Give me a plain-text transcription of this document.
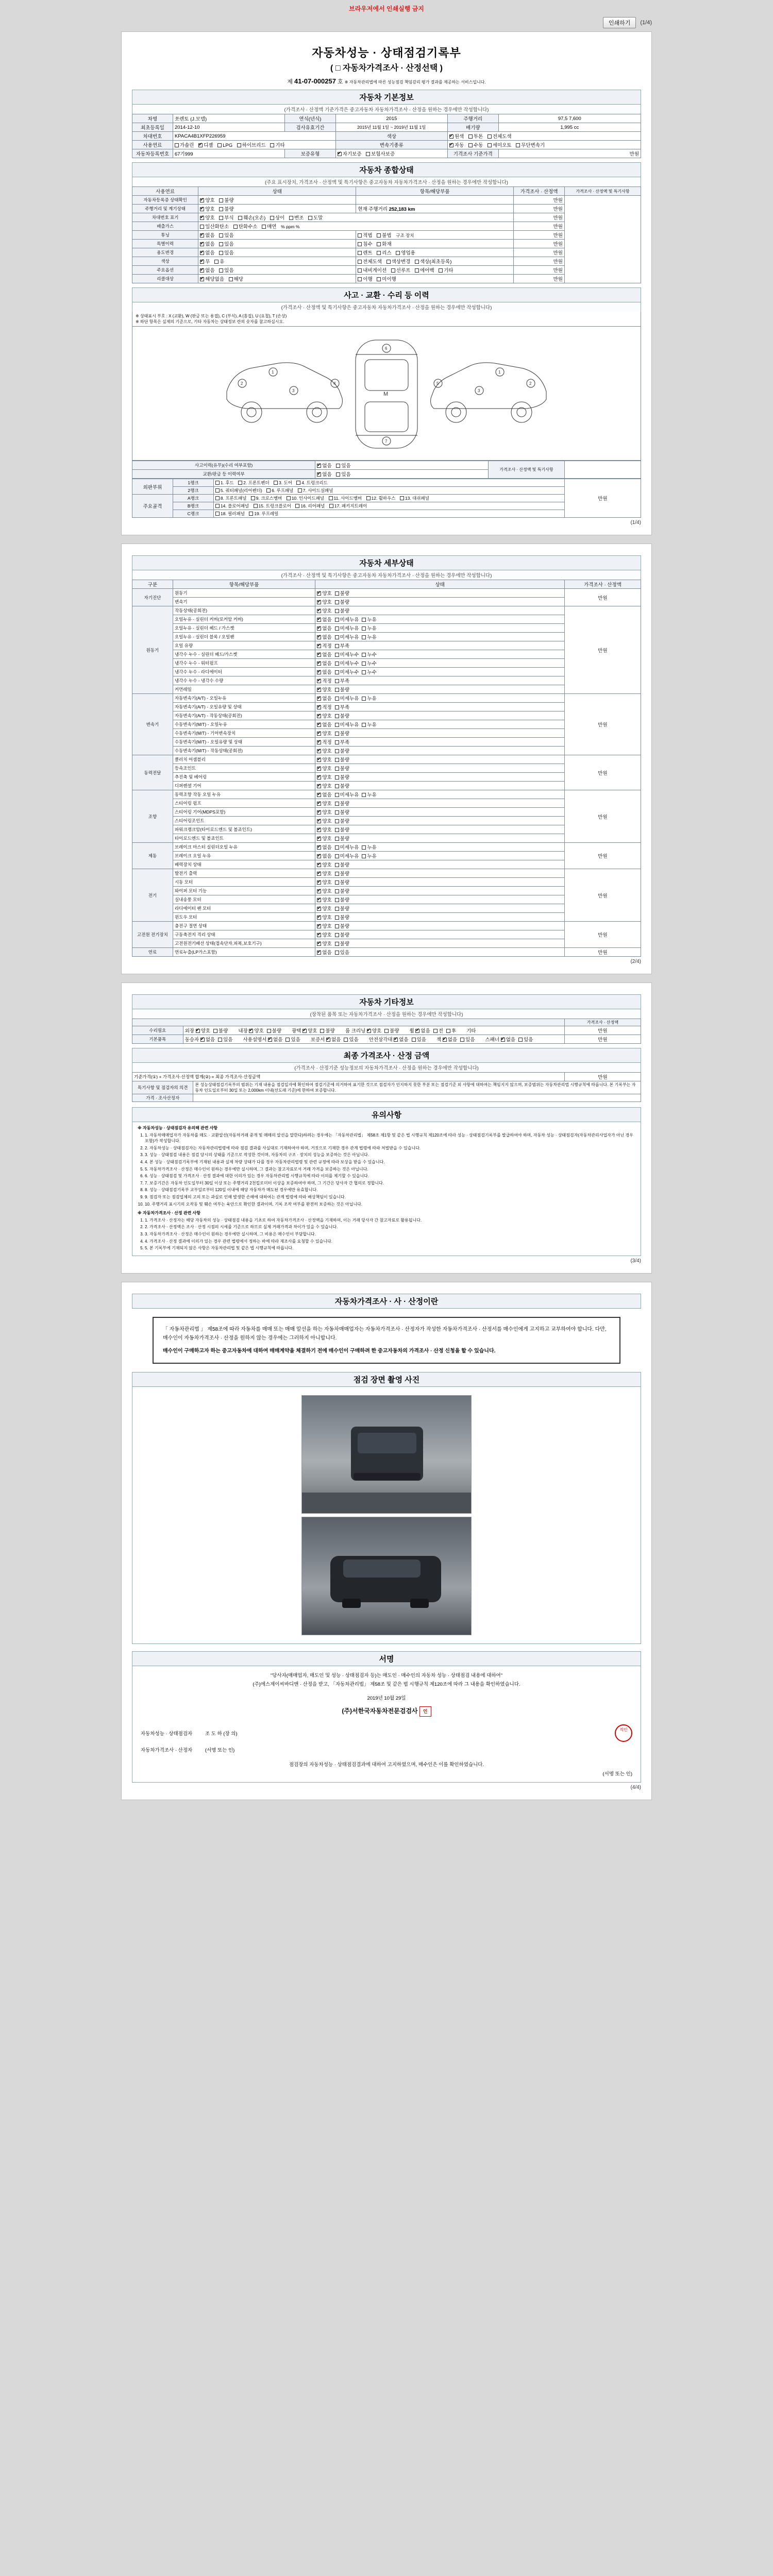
브라우저에서 인쇄실행 금지
인쇄하기	(1/4)
자동차성능 · 상태점검기록부
( □ 자동차가격조사 · 산정선택 )
제 41-07-000257 호 ※ 자동차관리법에 따른 성능점검 책임감리 평가 결과를 제공하는 서비스입니다.
자동차 기본정보
(가격조사 · 산정액 기준가격은 중고자동차 자동차가격조사 · 산정을 원하는 경우에만 작성합니다)
차명	쏘렌토 (J.모델)	연식(년식)	2015	주행거리	97,5 7,600
최초등록일	2014-12-10	검사유효기간	2015년 11월 1일 ~ 2019년 11월 1일	배기량	1,995 cc
차대번호	KPACA4B1XFP226959		색상	✔원색 투톤 전체도색
사용연료	가솔린 ✔ 디젤 LPG 하이브리드 기타		변속기종류	✔자동 수동 세미오토 무단변속기
자동차등록번호	67기999	보증유형	✔자기보증 보험사보증	기격조사 기준가격	만원
자동차 종합상태
(주요 표시장치, 가격조사 · 산정액 및 특기사항은 중고자동차 자동차가격조사 · 산정을 원하는 경우에만 작성합니다)
사용연료	상태	항목/해당부품	가격조사 · 산정액	가격조사 · 산정액 및 특기사항
자동차등록증 상태확인	✔양호 불량		만원	
주행거리 및 계기상태	✔양호 불량	현재 주행거리 252,183 km	만원	
차대번호 표기	✔양호 부식 훼손(오손) 상이 변조 도말		만원	
배출가스	일산화탄소 탄화수소 매연 % ppm %		만원	
튜닝	✔없음 있음	적법 불법 구조 장치	만원	
특별이력	✔없음 있음	침수 화재	만원	
용도변경	✔없음 있음	렌트 리스 영업용	만원	
색상	✔무 유	전체도색 색상변경 색상(최초등록)	만원	
주요옵션	✔없음 있음	내비게이션 선루프 에어백 기타	만원	
리콜대상	✔해당없음 해당	이행 미이행	만원	
사고 · 교환 · 수리 등 이력
(가격조사 · 산정액 및 특기사항은 중고자동차 자동차가격조사 · 산정을 원하는 경우에만 작성합니다)
※ 상태표시 부호 : X (교환), W (판금 또는 용접), C (부식), A (흠집), U (요철), T (손상)
※ 하단 항목은 실제의 기준으로, 기타 자동차는 상태정보 란의 숫자를 참고하십시오.
M
1
2
3
4
6
7
1
2
3
5
사고이력(유무)(수리 여부포함)	✔없음 있음	가격조사 · 산정액 및 특기사항	
교환/판금 등 이력여부	✔없음 있음
외판부위	1랭크	1. 후드 2. 프론트펜더 3. 도어 4. 트렁크리드	만원
	2랭크	5. 쿼터패널(리어펜더) 6. 루프패널 7. 사이드실패널	
주요골격	A랭크	8. 프론트패널 9. 크로스멤버 10. 인사이드패널 11. 사이드멤버 12. 휠하우스 13. 대쉬패널	
	B랭크	14. 플로어패널 15. 트렁크플로어 16. 리어패널 17. 패키지트레이	
	C랭크	18. 필러패널 19. 루프레일	
(1/4)
자동차 세부상태
(가격조사 · 산정액 및 특기사항은 중고자동차 자동차가격조사 · 산정을 원하는 경우에만 작성합니다)
구분	항목/해당부품	상태	가격조사 · 산정액
자기진단	원동기	✔양호 불량	만원
	변속기	✔양호 불량
원동기	작동상태(공회전)	✔양호 불량	만원
	오일누유 - 실린더 커버(로커암 커버)	✔없음 미세누유 누유
	오일누유 - 실린더 헤드 / 가스켓	✔없음 미세누유 누유
	오일누유 - 실린더 블록 / 오일팬	✔없음 미세누유 누유
	오일 유량	✔적정 부족
	냉각수 누수 - 실린더 헤드/가스켓	✔없음 미세누수 누수
	냉각수 누수 - 워터펌프	✔없음 미세누수 누수
	냉각수 누수 - 라디에이터	✔없음 미세누수 누수
	냉각수 누수 - 냉각수 수량	✔적정 부족
	커먼레일	✔양호 불량
변속기	자동변속기(A/T) - 오일누유	✔없음 미세누유 누유	만원
	자동변속기(A/T) - 오일유량 및 상태	✔적정 부족
	자동변속기(A/T) - 작동상태(공회전)	✔양호 불량
	수동변속기(M/T) - 오일누유	✔없음 미세누유 누유
	수동변속기(M/T) - 기어변속장치	✔양호 불량
	수동변속기(M/T) - 오일유량 및 상태	✔적정 부족
	수동변속기(M/T) - 작동상태(공회전)	✔양호 불량
동력전달	클러치 어셈블리	✔양호 불량	만원
	등속조인트	✔양호 불량
	추진축 및 베어링	✔양호 불량
	디퍼렌셜 기어	✔양호 불량
조향	동력조향 작동 오일 누유	✔없음 미세누유 누유	만원
	스티어링 펌프	✔양호 불량
	스티어링 기어(MDPS포함)	✔양호 불량
	스티어링조인트	✔양호 불량
	파워크랭크암(타이로드엔드 및 볼죠인트)	✔양호 불량
	타이로드엔드 및 볼죠인트	✔양호 불량
제동	브레이크 마스터 실린더오일 누유	✔없음 미세누유 누유	만원
	브레이크 오일 누유	✔없음 미세누유 누유
	배력장치 상태	✔양호 불량
전기	발전기 출력	✔양호 불량	만원
	시동 모터	✔양호 불량
	와이퍼 모터 기능	✔양호 불량
	실내송풍 모터	✔양호 불량
	라디에이터 팬 모터	✔양호 불량
	윈도우 모터	✔양호 불량
고전원 전기장치	충전구 절연 상태	✔양호 불량	만원
	구동축전지 격리 상태	✔양호 불량
	고전원전기배선 상태(접속단자,피복,보호기구)	✔양호 불량
연료	연료누출(LP가스포함)	✔없음 있음	만원
(2/4)
자동차 기타정보
(장착된 품목 또는 자동차가격조사 · 산정을 원하는 경우에만 작성합니다)
		가격조사 · 산정액
수리필요	외장 ✔양호 불량 내장 ✔양호 불량 광택 ✔양호 불량 룸 크리닝 ✔양호 불량 휠 ✔없음 전 후 기타	만원
기본품목	동승자 ✔없음 있음 사용설명서 ✔없음 있음 보증서 ✔없음 있음 안전삼각대 ✔없음 있음 잭 ✔없음 있음 스패너 ✔없음 있음	만원
최종 가격조사 · 산정 금액
(가격조사 · 산정기준 성능정보의 자동차가격조사 · 산정을 원하는 경우에만 작성합니다)
기준가격(①) + 가격조사·산정액 합계(②) = 최종 가격조사·산정금액		만원
특기사항 및 점검자의 의견	본 성능상태점검기록부의 범위는 기재 내용을 점검일자에 확인하여 점검기준에 의거하여 표기한 것으로 점검자가 인지하지 못한 부분 또는 점검기준 외 사항에 대하여는 책임지지 않으며, 보증범위는 자동차관리법 시행규칙에 따릅니다. 본 기록부는 자동차 인도일로부터 30일 또는 2,000km 이내(선도래 기준)에 한하여 보증합니다.	
가격 · 조사산정자		
유의사항
※ 자동차성능 · 상태점검자 유의해 관련 사항
1. 1. 자동차매매업자가 자동차를 매도 · 교환알선(자동차거래 중개 및 매매의 알선을 말한다)하려는 경우에는 「자동차관리법」 제58조 제1항 및 같은 법 시행규칙 제120조에 따라 성능 · 상태점검기록부를 발급하여야 하며, 자동차 성능 · 상태점검자(자동차관리사업자가 아닌 경우 포함)가 작성합니다.
2. 2. 자동차성능 · 상태점검자는 자동차관리법령에 따라 점검 결과를 사실대로 기재하여야 하며, 거짓으로 기재한 경우 관계 법령에 따라 처벌받을 수 있습니다.
3. 3. 성능 · 상태점검 내용은 점검 당시의 상태를 기준으로 작성한 것이며, 자동차의 구조 · 장치의 성능을 보증하는 것은 아닙니다.
4. 4. 본 성능 · 상태점검기록부에 기재된 내용과 실제 차량 상태가 다를 경우 자동차관리법령 및 관련 규정에 따라 보상을 받을 수 있습니다.
5. 5. 자동차가격조사 · 산정은 매수인이 원하는 경우에만 실시하며, 그 결과는 참고자료로서 거래 가격을 보증하는 것은 아닙니다.
6. 6. 성능 · 상태점검 및 가격조사 · 산정 결과에 대한 이의가 있는 경우 자동차관리법 시행규칙에 따라 이의를 제기할 수 있습니다.
7. 7. 보증기간은 자동차 인도일부터 30일 이상 또는 주행거리 2천킬로미터 이상을 보증하여야 하며, 그 기간은 당사자 간 협의로 정합니다.
8. 8. 성능 · 상태점검기록부 교부일로부터 120일 이내에 해당 자동차가 매도된 경우에만 유효합니다.
9. 9. 점검자 또는 점검업체의 고의 또는 과실로 인해 발생한 손해에 대하여는 관계 법령에 따라 배상책임이 있습니다.
10. 10. 주행거리 표시기의 오작동 및 훼손 여부는 육안으로 확인한 결과이며, 기록 조작 여부를 완전히 보증하는 것은 아닙니다.
※ 자동차가격조사 · 산정 관련 사항
1. 1. 가격조사 · 산정자는 해당 자동차의 성능 · 상태점검 내용을 기초로 하여 자동차가격조사 · 산정액을 기재하며, 이는 거래 당사자 간 참고자료로 활용됩니다.
2. 2. 가격조사 · 산정액은 조사 · 산정 시점의 시세를 기준으로 하므로 실제 거래가격과 차이가 있을 수 있습니다.
3. 3. 자동차가격조사 · 산정은 매수인이 원하는 경우에만 실시하며, 그 비용은 매수인이 부담합니다.
4. 4. 가격조사 · 산정 결과에 이의가 있는 경우 관련 법령에서 정하는 바에 따라 재조사를 요청할 수 있습니다.
5. 5. 본 기록부에 기재되지 않은 사항은 자동차관리법 및 같은 법 시행규칙에 따릅니다.
(3/4)
자동차가격조사 · 사 · 산정이란
「 자동차관리법 」 제58조에 따라 자동차를 매매 또는 매매 알선을 하는 자동차매매업자는 자동차가격조사 · 산정자가 작성한 자동차가격조사 · 산정서를 매수인에게 고지하고 교부하여야 합니다. 다만, 매수인이 자동차가격조사 · 산정을 원하지 않는 경우에는 그러하지 아니합니다.
매수인이 구매하고자 하는 중고자동차에 대하여 매매계약을 체결하기 전에 매수인이 구매하려 한 중고자동차의 가격조사 · 산정 신청을 할 수 있습니다.
점검 장면 촬영 사진
서명
"당사자(매매업자, 매도인 및 성능 · 상태점검자 등)는 매도인 · 매수인의 자동차 성능 · 상태점검 내용에 대하여"
(주)에스제이씨바디앤 · 산정을 받고, 「자동차관리법」 제58조 및 같은 법 시행규칙 제120조에 따라 그 내용을 확인하였습니다.
2019년 10월 29일
(주)서한국자동차전문검검사 인
자동차성능 · 상태점검자	조 도 하 (장 의)
직인
자동차가격조사 · 산정자	(서명 또는 인)
점검장의 자동차성능 · 상태점검결과에 대하여 고지하였으며, 매수인은 이를 확인하였습니다.
(서명 또는 인)
(4/4)
